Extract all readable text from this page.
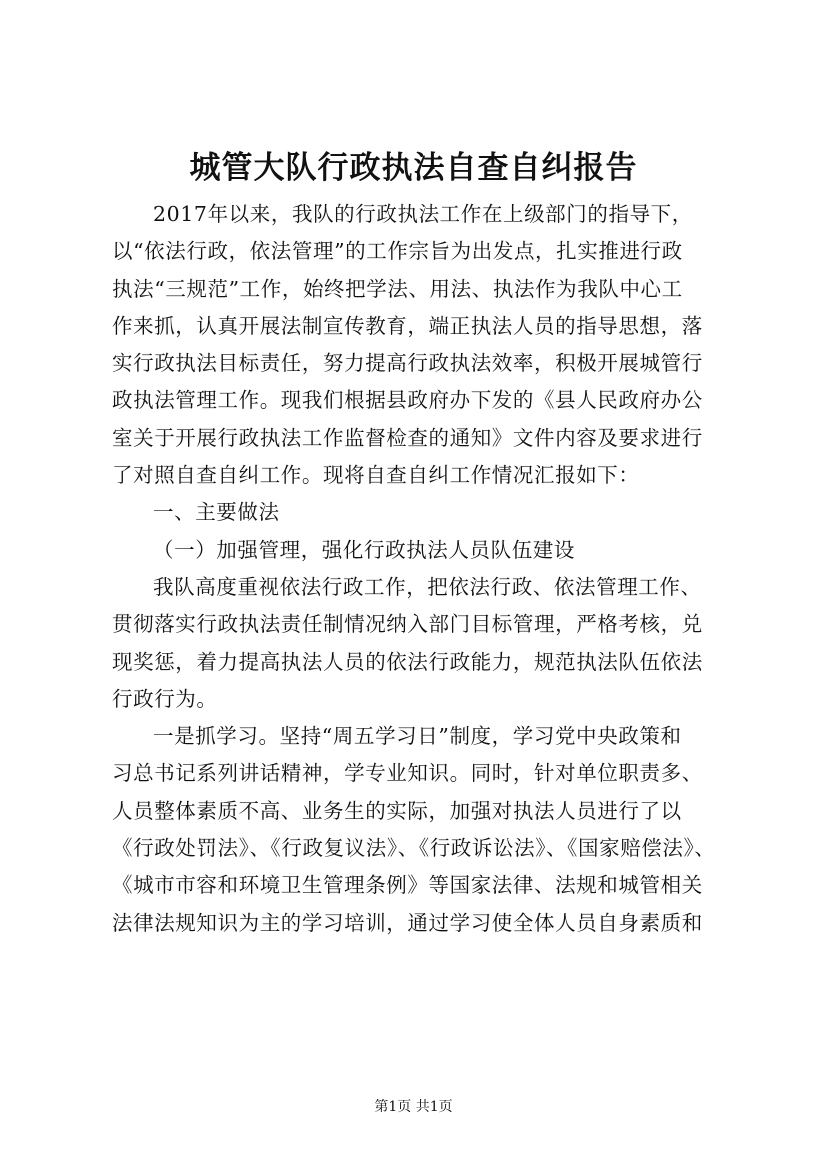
城管大队行政执法自查自纠报告
2017年以来，我队的行政执法工作在上级部门的指导下，
以“依法行政，依法管理”的工作宗旨为出发点，扎实推进行政
执法“三规范”工作，始终把学法、用法、执法作为我队中心工
作来抓，认真开展法制宣传教育，端正执法人员的指导思想，落
实行政执法目标责任，努力提高行政执法效率，积极开展城管行
政执法管理工作。现我们根据县政府办下发的《县人民政府办公
室关于开展行政执法工作监督检查的通知》文件内容及要求进行
了对照自查自纠工作。现将自查自纠工作情况汇报如下：
一、主要做法
（一）加强管理，强化行政执法人员队伍建设
我队高度重视依法行政工作，把依法行政、依法管理工作、
贯彻落实行政执法责任制情况纳入部门目标管理，严格考核，兑
现奖惩，着力提高执法人员的依法行政能力，规范执法队伍依法
行政行为。
一是抓学习。坚持“周五学习日”制度，学习党中央政策和
习总书记系列讲话精神，学专业知识。同时，针对单位职责多、
人员整体素质不高、业务生的实际，加强对执法人员进行了以
《行政处罚法》、《行政复议法》、《行政诉讼法》、《国家赔偿法》、
《城市市容和环境卫生管理条例》等国家法律、法规和城管相关
法律法规知识为主的学习培训，通过学习使全体人员自身素质和
第1页 共1页
